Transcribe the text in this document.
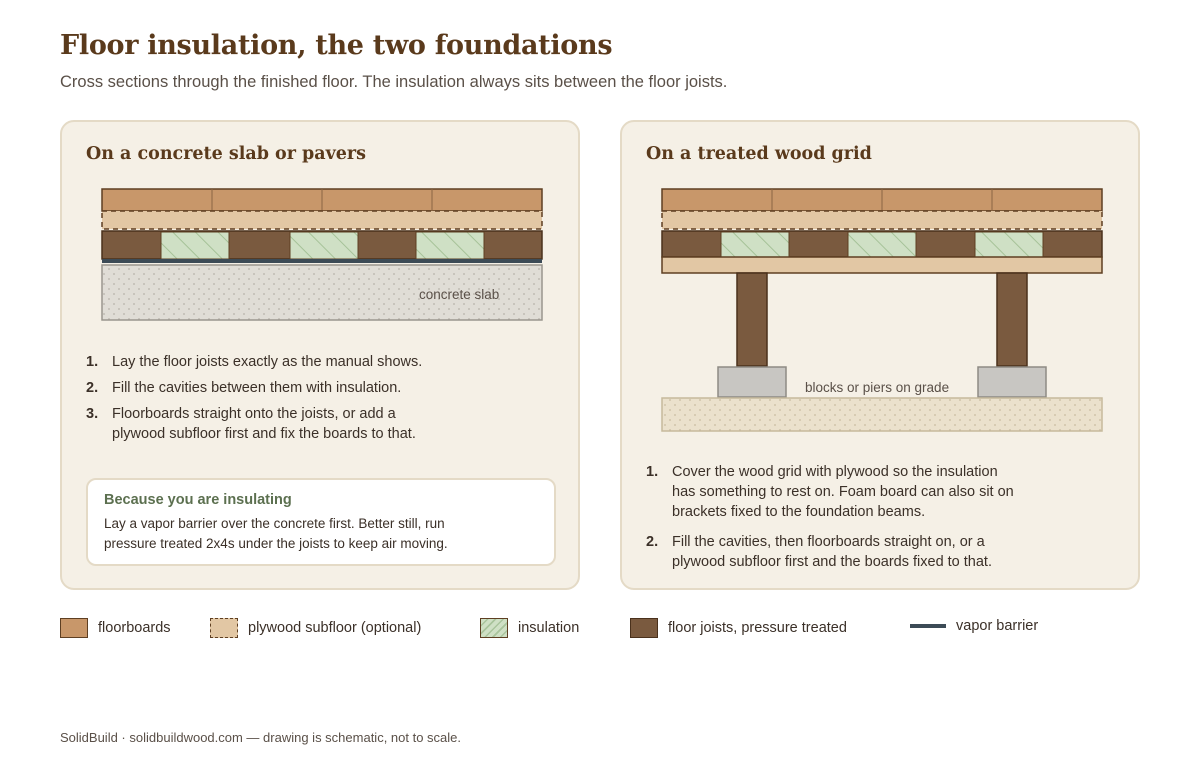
Floor insulation, the two foundations

Cross sections through the finished floor. The insulation always sits between the floor joists.

On a concrete slab or pavers
concrete slab
1. Lay the floor joists exactly as the manual shows.
2. Fill the cavities between them with insulation.
3. Floorboards straight onto the joists, or add a
plywood subfloor first and fix the boards to that.
Because you are insulating
Lay a vapor barrier over the concrete first. Better still, run
pressure treated 2x4s under the joists to keep air moving.
On a treated wood grid
blocks or piers on grade
1. Cover the wood grid with plywood so the insulation
has something to rest on. Foam board can also sit on
brackets fixed to the foundation beams.
2. Fill the cavities, then floorboards straight on, or a
plywood subfloor first and the boards fixed to that.
floorboards	plywood subfloor (optional)	insulation	floor joists, pressure treated	vapor barrier
SolidBuild · solidbuildwood.com — drawing is schematic, not to scale.
